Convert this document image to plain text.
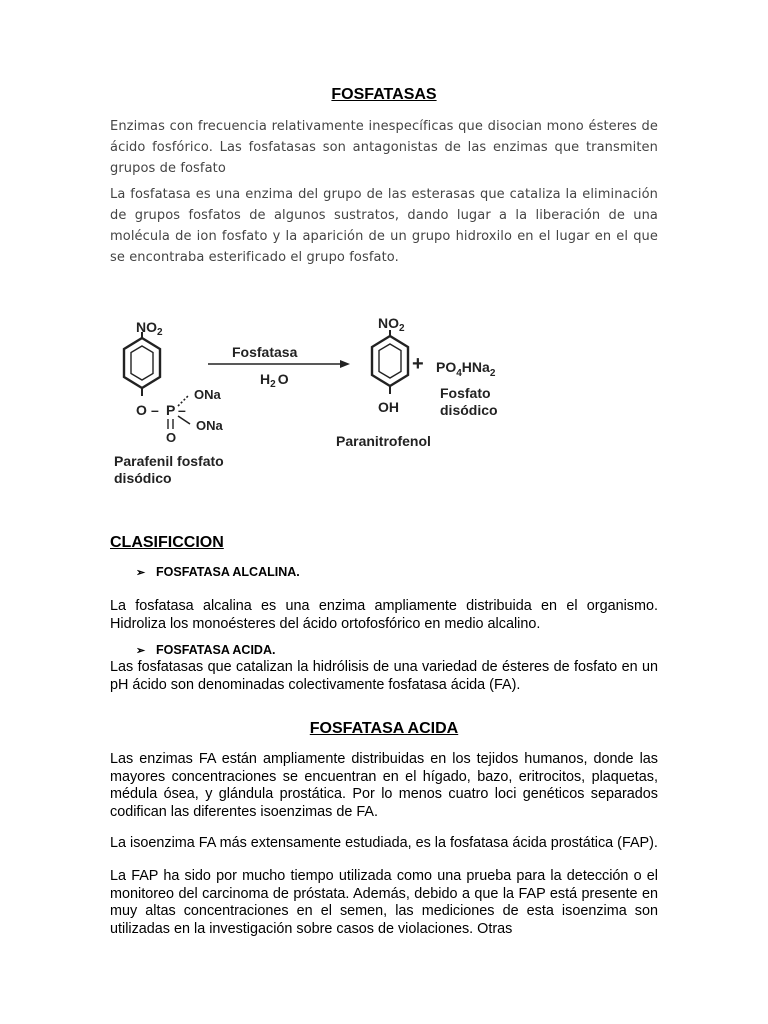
FOSFATASAS

Enzimas con frecuencia relativamente inespecíficas que disocian mono ésteres de ácido fosfórico. Las fosfatasas son antagonistas de las enzimas que transmiten grupos de fosfato

La fosfatasa es una enzima del grupo de las esterasas que cataliza la eliminación de grupos fosfatos de algunos sustratos, dando lugar a la liberación de una molécula de ion fosfato y la aparición de un grupo hidroxilo en el lugar en el que se encontraba esterificado el grupo fosfato.

$NO_2$
O – P –
ONa
ONa
O
Parafenil fosfato
disódico
Fosfatasa
$H_2$ O
$NO_2$
OH
Paranitrofenol
+ $PO_4HNa_2$
Fosfato
disódico
CLASIFICCION

➢ FOSFATASA ALCALINA.

La fosfatasa alcalina es una enzima ampliamente distribuida en el organismo. Hidroliza los monoésteres del ácido ortofosfórico en medio alcalino.

➢ FOSFATASA ACIDA.

Las fosfatasas que catalizan la hidrólisis de una variedad de ésteres de fosfato en un pH ácido son denominadas colectivamente fosfatasa ácida (FA).

FOSFATASA ACIDA

Las enzimas FA están ampliamente distribuidas en los tejidos humanos, donde las mayores concentraciones se encuentran en el hígado, bazo, eritrocitos, plaquetas, médula ósea, y glándula prostática. Por lo menos cuatro loci genéticos separados codifican las diferentes isoenzimas de FA.

La isoenzima FA más extensamente estudiada, es la fosfatasa ácida prostática (FAP).

La FAP ha sido por mucho tiempo utilizada como una prueba para la detección o el monitoreo del carcinoma de próstata. Además, debido a que la FAP está presente en muy altas concentraciones en el semen, las mediciones de esta isoenzima son utilizadas en la investigación sobre casos de violaciones. Otras
